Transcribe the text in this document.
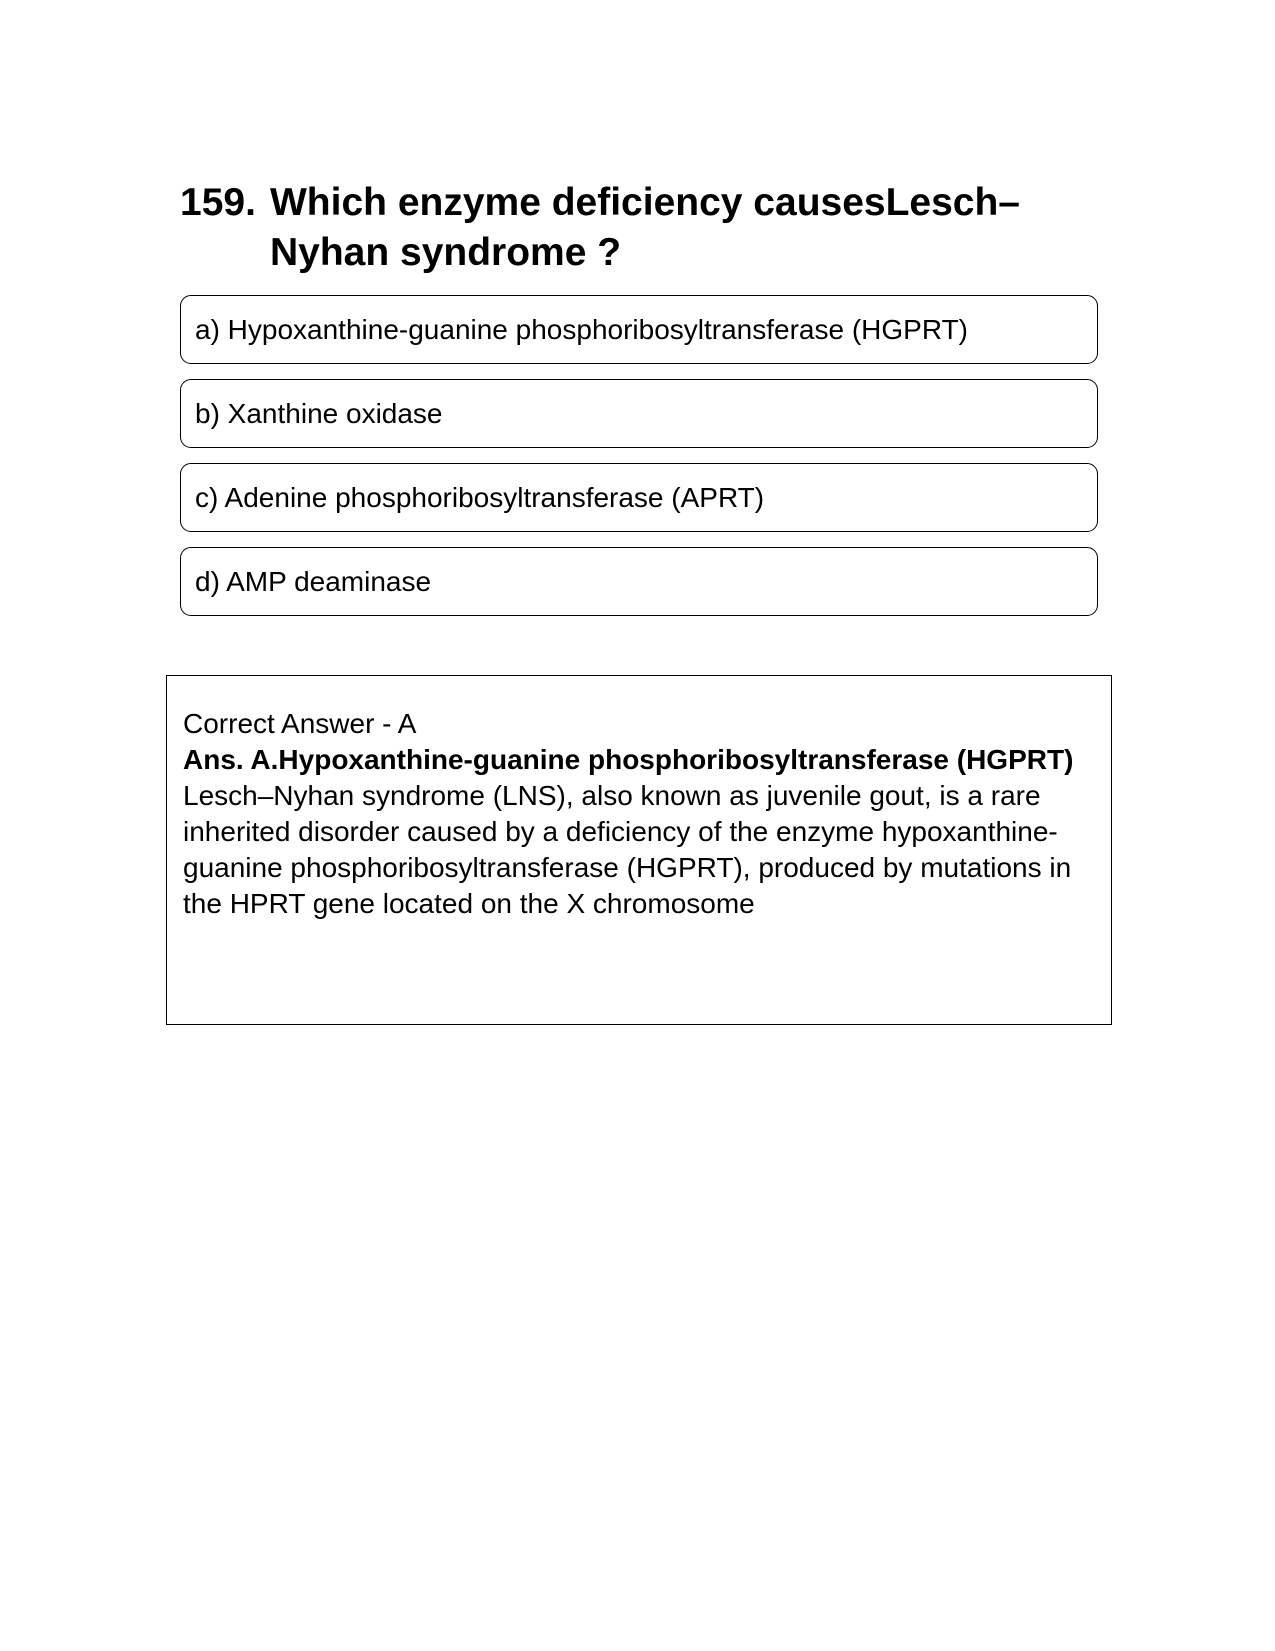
159. Which enzyme deficiency causesLesch–Nyhan syndrome ?
a) Hypoxanthine-guanine phosphoribosyltransferase (HGPRT)
b) Xanthine oxidase
c) Adenine phosphoribosyltransferase (APRT)
d) AMP deaminase
Correct Answer - A
Ans. A.Hypoxanthine-guanine phosphoribosyltransferase (HGPRT)
Lesch–Nyhan syndrome (LNS), also known as juvenile gout, is a rare inherited disorder caused by a deficiency of the enzyme hypoxanthine-guanine phosphoribosyltransferase (HGPRT), produced by mutations in the HPRT gene located on the X chromosome
